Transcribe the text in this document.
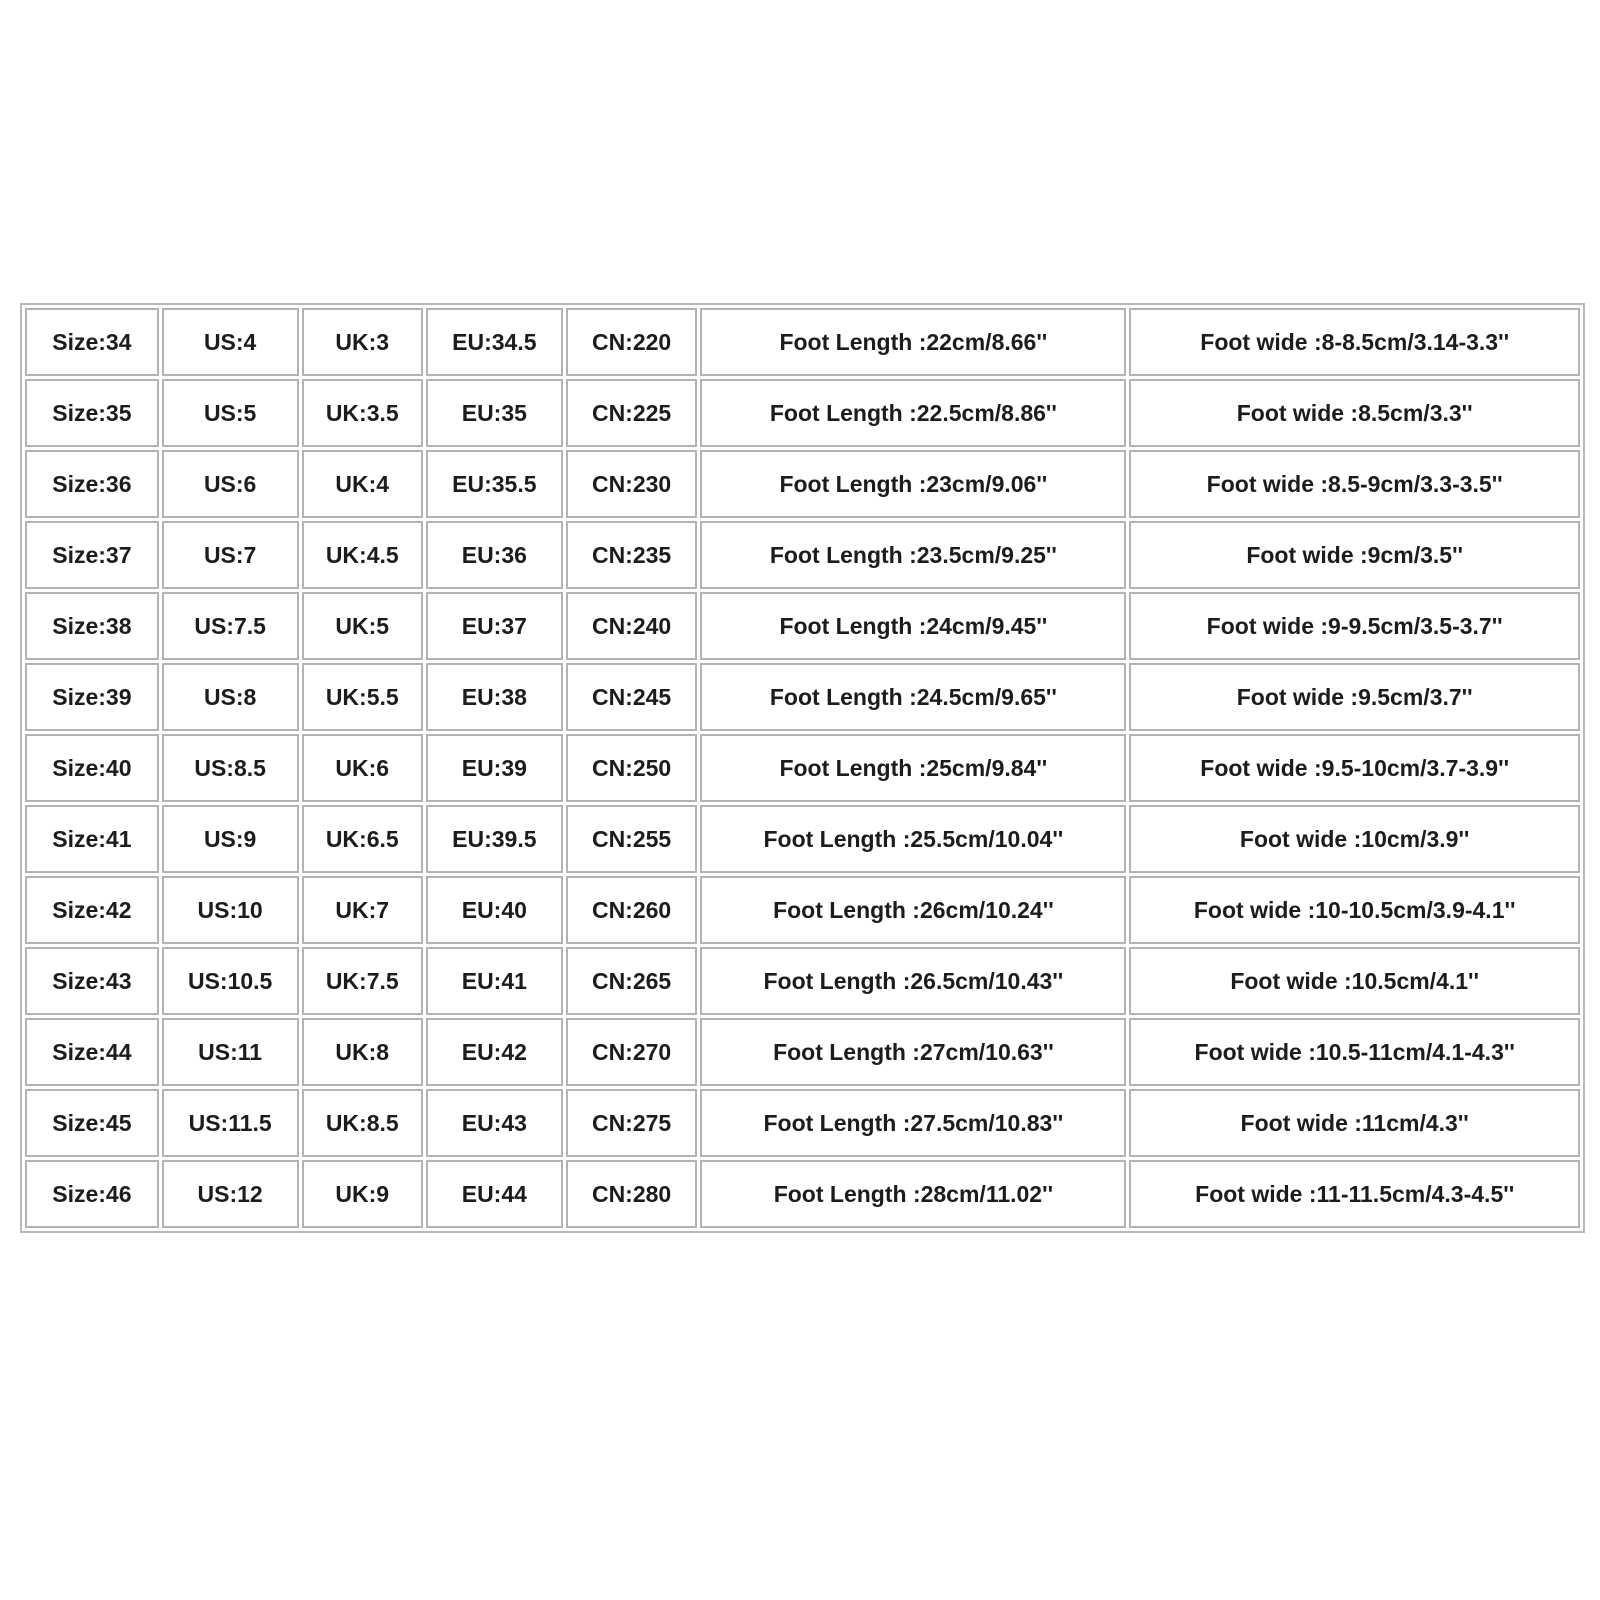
Size:34	US:4	UK:3	EU:34.5	CN:220	Foot Length :22cm/8.66''	Foot wide :8-8.5cm/3.14-3.3''
Size:35	US:5	UK:3.5	EU:35	CN:225	Foot Length :22.5cm/8.86''	Foot wide :8.5cm/3.3''
Size:36	US:6	UK:4	EU:35.5	CN:230	Foot Length :23cm/9.06''	Foot wide :8.5-9cm/3.3-3.5''
Size:37	US:7	UK:4.5	EU:36	CN:235	Foot Length :23.5cm/9.25''	Foot wide :9cm/3.5''
Size:38	US:7.5	UK:5	EU:37	CN:240	Foot Length :24cm/9.45''	Foot wide :9-9.5cm/3.5-3.7''
Size:39	US:8	UK:5.5	EU:38	CN:245	Foot Length :24.5cm/9.65''	Foot wide :9.5cm/3.7''
Size:40	US:8.5	UK:6	EU:39	CN:250	Foot Length :25cm/9.84''	Foot wide :9.5-10cm/3.7-3.9''
Size:41	US:9	UK:6.5	EU:39.5	CN:255	Foot Length :25.5cm/10.04''	Foot wide :10cm/3.9''
Size:42	US:10	UK:7	EU:40	CN:260	Foot Length :26cm/10.24''	Foot wide :10-10.5cm/3.9-4.1''
Size:43	US:10.5	UK:7.5	EU:41	CN:265	Foot Length :26.5cm/10.43''	Foot wide :10.5cm/4.1''
Size:44	US:11	UK:8	EU:42	CN:270	Foot Length :27cm/10.63''	Foot wide :10.5-11cm/4.1-4.3''
Size:45	US:11.5	UK:8.5	EU:43	CN:275	Foot Length :27.5cm/10.83''	Foot wide :11cm/4.3''
Size:46	US:12	UK:9	EU:44	CN:280	Foot Length :28cm/11.02''	Foot wide :11-11.5cm/4.3-4.5''
